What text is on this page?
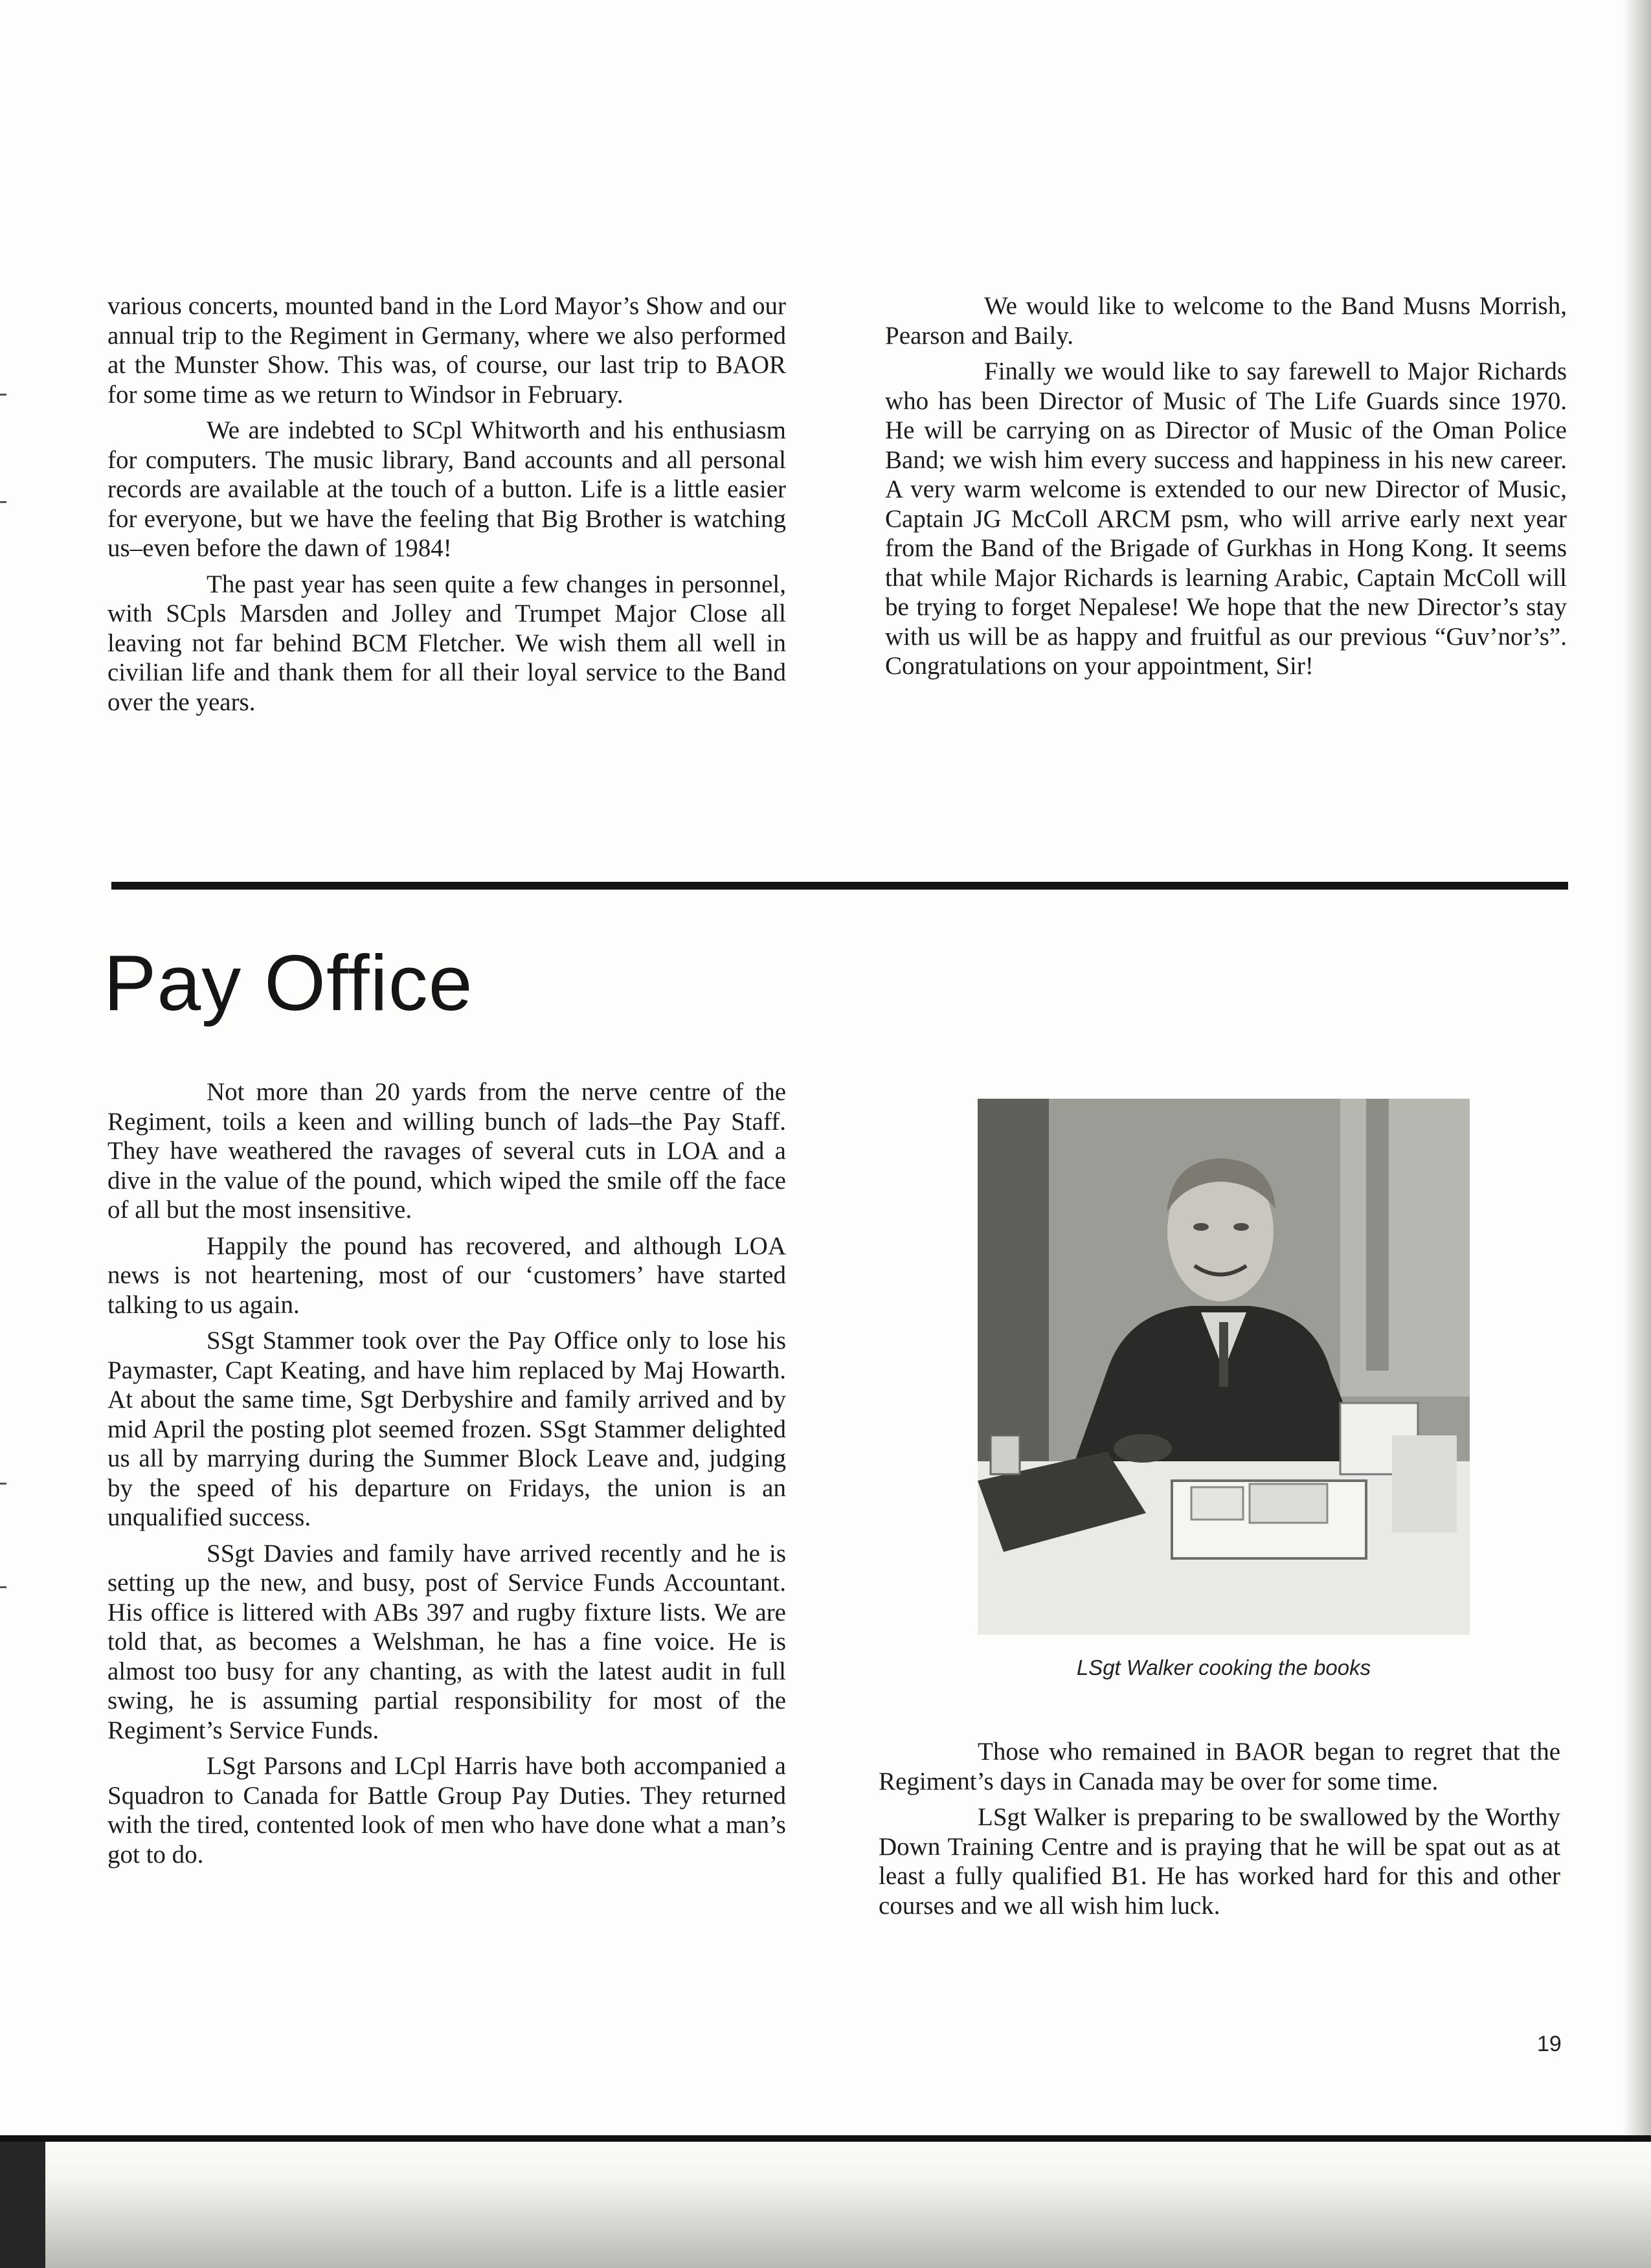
various concerts, mounted band in the Lord Mayor’s Show and our annual trip to the Regiment in Germany, where we also performed at the Munster Show. This was, of course, our last trip to BAOR for some time as we return to Windsor in February.

We are indebted to SCpl Whitworth and his enthusiasm for computers. The music library, Band accounts and all personal records are available at the touch of a button. Life is a little easier for everyone, but we have the feeling that Big Brother is watching us–even before the dawn of 1984!

The past year has seen quite a few changes in personnel, with SCpls Marsden and Jolley and Trumpet Major Close all leaving not far behind BCM Fletcher. We wish them all well in civilian life and thank them for all their loyal service to the Band over the years.

We would like to welcome to the Band Musns Morrish, Pearson and Baily.

Finally we would like to say farewell to Major Richards who has been Director of Music of The Life Guards since 1970. He will be carrying on as Director of Music of the Oman Police Band; we wish him every success and happiness in his new career. A very warm welcome is extended to our new Director of Music, Captain JG McColl ARCM psm, who will arrive early next year from the Band of the Brigade of Gurkhas in Hong Kong. It seems that while Major Richards is learning Arabic, Captain McColl will be trying to forget Nepalese! We hope that the new Director’s stay with us will be as happy and fruitful as our previous “Guv’nor’s”. Congratulations on your appointment, Sir!

Pay Office

Not more than 20 yards from the nerve centre of the Regiment, toils a keen and willing bunch of lads–the Pay Staff. They have weathered the ravages of several cuts in LOA and a dive in the value of the pound, which wiped the smile off the face of all but the most insensitive.

Happily the pound has recovered, and although LOA news is not heartening, most of our ‘customers’ have started talking to us again.

SSgt Stammer took over the Pay Office only to lose his Paymaster, Capt Keating, and have him replaced by Maj Howarth. At about the same time, Sgt Derbyshire and family arrived and by mid April the posting plot seemed frozen. SSgt Stammer delighted us all by marrying during the Summer Block Leave and, judging by the speed of his departure on Fridays, the union is an unqualified success.

SSgt Davies and family have arrived recently and he is setting up the new, and busy, post of Service Funds Accountant. His office is littered with ABs 397 and rugby fixture lists. We are told that, as becomes a Welshman, he has a fine voice. He is almost too busy for any chanting, as with the latest audit in full swing, he is assuming partial responsibility for most of the Regiment’s Service Funds.

LSgt Parsons and LCpl Harris have both accompanied a Squadron to Canada for Battle Group Pay Duties. They returned with the tired, contented look of men who have done what a man’s got to do.

LSgt Walker cooking the books

Those who remained in BAOR began to regret that the Regiment’s days in Canada may be over for some time.

LSgt Walker is preparing to be swallowed by the Worthy Down Training Centre and is praying that he will be spat out as at least a fully qualified B1. He has worked hard for this and other courses and we all wish him luck.

19
